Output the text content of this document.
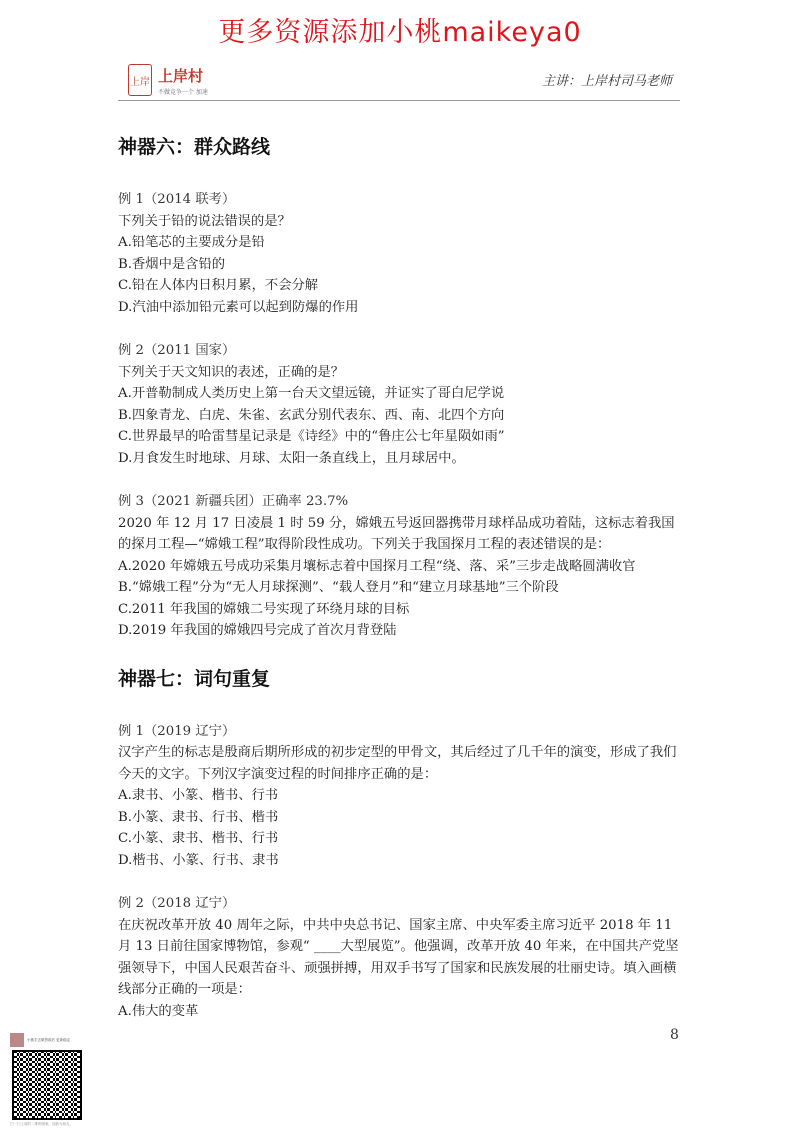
更多资源添加小桃maikeya0
上岸 上岸村
不做竞争一个 加速
主讲：上岸村司马老师
神器六：群众路线

例 1（2014 联考）

下列关于铅的说法错误的是？

A.铅笔芯的主要成分是铅

B.香烟中是含铅的

C.铅在人体内日积月累，不会分解

D.汽油中添加铅元素可以起到防爆的作用

例 2（2011 国家）

下列关于天文知识的表述，正确的是？

A.开普勒制成人类历史上第一台天文望远镜，并证实了哥白尼学说

B.四象青龙、白虎、朱雀、玄武分别代表东、西、南、北四个方向

C.世界最早的哈雷彗星记录是《诗经》中的“鲁庄公七年星陨如雨”

D.月食发生时地球、月球、太阳一条直线上，且月球居中。

例 3（2021 新疆兵团）正确率 23.7%

2020 年 12 月 17 日凌晨 1 时 59 分，嫦娥五号返回器携带月球样品成功着陆，这标志着我国的探月工程—“嫦娥工程”取得阶段性成功。下列关于我国探月工程的表述错误的是：

A.2020 年嫦娥五号成功采集月壤标志着中国探月工程“绕、落、采”三步走战略圆满收官

B.“嫦娥工程”分为“无人月球探测”、“载人登月”和“建立月球基地”三个阶段

C.2011 年我国的嫦娥二号实现了环绕月球的目标

D.2019 年我国的嫦娥四号完成了首次月背登陆

神器七：词句重复

例 1（2019 辽宁）

汉字产生的标志是殷商后期所形成的初步定型的甲骨文，其后经过了几千年的演变，形成了我们今天的文字。下列汉字演变过程的时间排序正确的是：

A.隶书、小篆、楷书、行书

B.小篆、隶书、行书、楷书

C.小篆、隶书、楷书、行书

D.楷书、小篆、行书、隶书

例 2（2018 辽宁）

在庆祝改革开放 40 周年之际，中共中央总书记、国家主席、中央军委主席习近平 2018 年 11 月 13 日前往国家博物馆，参观“ ____大型展览”。他强调，改革开放 40 年来，在中国共产党坚强领导下，中国人民艰苦奋斗、顽强拼搏，用双手书写了国家和民族发展的壮丽史诗。填入画横线部分正确的一项是：

A.伟大的变革

8
小桃手去做资源后 更新稳定
扫一扫上面的二维码图案，加我为朋友。
